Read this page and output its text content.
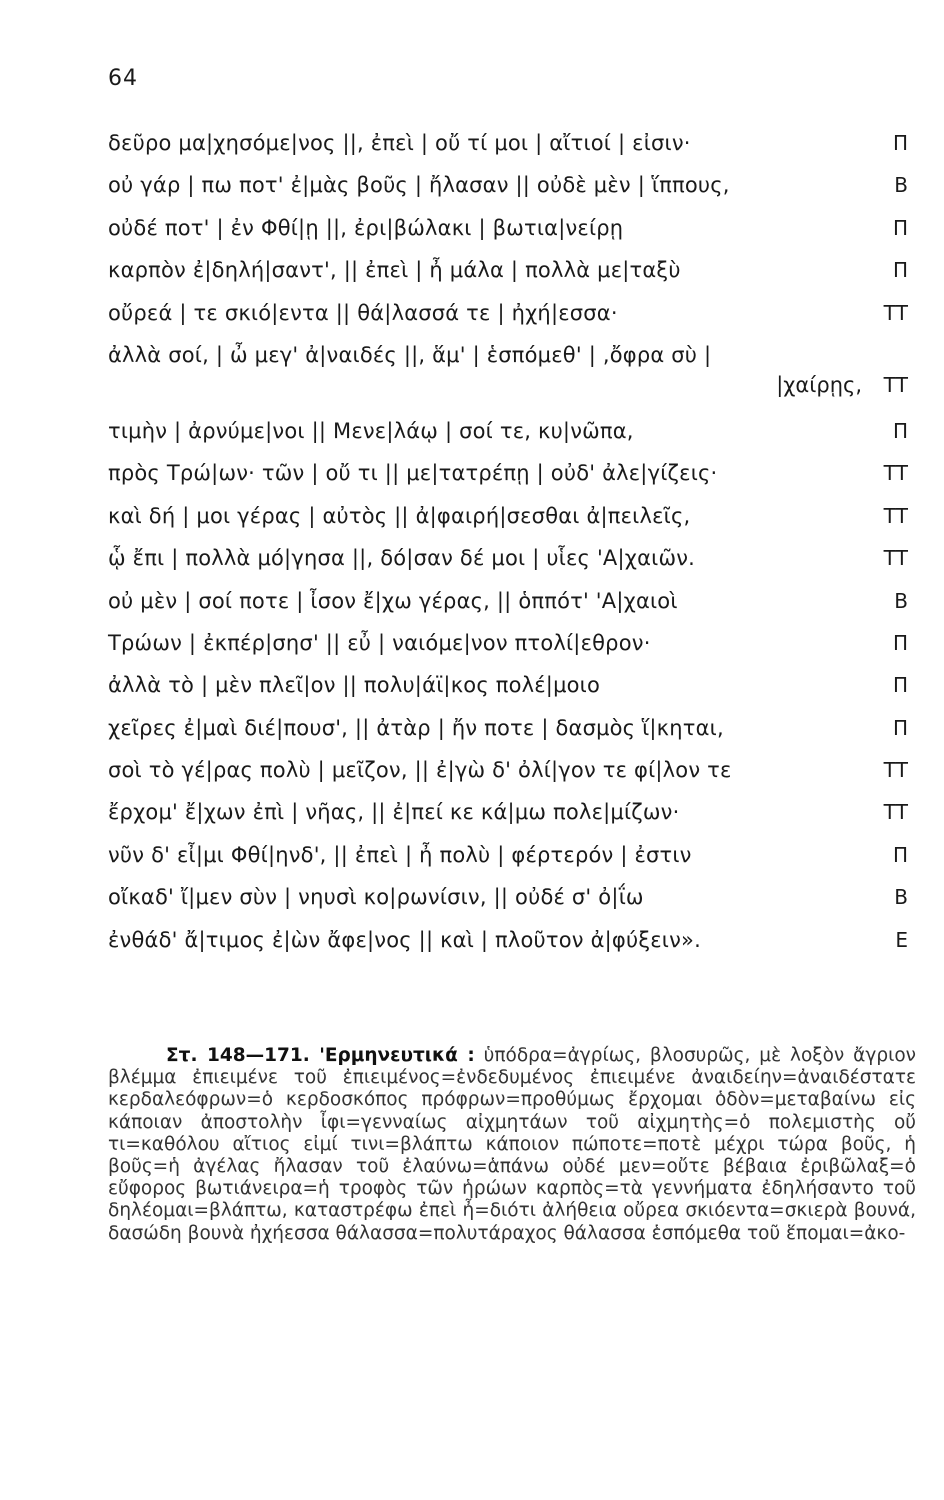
64
δεῦρο μα|χησόμε|νος ||, ἐπεὶ | οὔ τί μοι | αἴτιοί | εἰσιν·	Π
οὐ γάρ | πω ποτ' ἐ|μὰς βοῦς | ἤλασαν || οὐδὲ μὲν | ἵππους,	Β
οὐδέ ποτ' | ἐν Φθί|ῃ ||, ἐρι|βώλακι | βωτια|νείρῃ	Π
καρπὸν ἐ|δηλή|σαντ', || ἐπεὶ | ἦ μάλα | πολλὰ με|ταξὺ	Π
οὔρεά | τε σκιό|εντα || θά|λασσά τε | ἠχή|εσσα·	ΤΤ
ἀλλὰ σοί, | ὦ μεγ' ἀ|ναιδές ||, ἅμ' | ἑσπόμεθ' | ,ὄφρα σὺ |
|χαίρῃς,	ΤΤ
τιμὴν | ἀρνύμε|νοι || Μενε|λάῳ | σοί τε, κυ|νῶπα,	Π
πρὸς Τρώ|ων· τῶν | οὔ τι || με|τατρέπῃ | οὐδ' ἀλε|γίζεις·	ΤΤ
καὶ δή | μοι γέρας | αὐτὸς || ἀ|φαιρή|σεσθαι ἀ|πειλεῖς,	ΤΤ
ᾧ ἔπι | πολλὰ μό|γησα ||, δό|σαν δέ μοι | υἷες 'Α|χαιῶν.	ΤΤ
οὐ μὲν | σοί ποτε | ἶσον ἔ|χω γέρας, || ὁππότ' 'Α|χαιοὶ	Β
Τρώων | ἐκπέρ|σησ' || εὖ | ναιόμε|νον πτολί|εθρον·	Π
ἀλλὰ τὸ | μὲν πλεῖ|ον || πολυ|άϊ|κος πολέ|μοιο	Π
χεῖρες ἐ|μαὶ διέ|πουσ', || ἀτὰρ | ἤν ποτε | δασμὸς ἵ|κηται,	Π
σοὶ τὸ γέ|ρας πολὺ | μεῖζον, || ἐ|γὼ δ' ὀλί|γον τε φί|λον τε	ΤΤ
ἔρχομ' ἔ|χων ἐπὶ | νῆας, || ἐ|πεί κε κά|μω πολε|μίζων·	ΤΤ
νῦν δ' εἶ|μι Φθί|ηνδ', || ἐπεὶ | ἦ πολὺ | φέρτερόν | ἐστιν	Π
οἴκαδ' ἴ|μεν σὺν | νηυσὶ κο|ρωνίσιν, || οὐδέ σ' ὀ|ΐω	Β
ἐνθάδ' ἄ|τιμος ἐ|ὼν ἄφε|νος || καὶ | πλοῦτον ἀ|φύξειν».	Ε

Στ. 148—171. 'Ερμηνευτικά : ὑπόδρα=ἀγρίως, βλοσυρῶς, μὲ λοξὸν ἄγριον βλέμμα ἐπιειμένε τοῦ ἐπιειμένος=ἐνδεδυμένος ἐπιειμένε ἀναιδείην=ἀναιδέστατε κερδαλεόφρων=ὁ κερδοσκόπος πρόφρων=προθύμως ἔρχομαι ὁδὸν=μεταβαίνω εἰς κάποιαν ἀποστολὴν ἶφι=γενναίως αἰχμητάων τοῦ αἰχμητὴς=ὁ πολεμιστὴς οὔ τι=καθόλου αἴτιος εἰμί τινι=βλάπτω κάποιον πώποτε=ποτὲ μέχρι τώρα βοῦς, ἡ βοῦς=ἡ ἀγέλας ἤλασαν τοῦ ἐλαύνω=ἁπάνω οὐδέ μεν=οὔτε βέβαια ἐριβῶλαξ=ὁ εὔφορος βωτιάνειρα=ἡ τροφὸς τῶν ἡρώων καρπὸς=τὰ γεννήματα ἐδηλήσαντο τοῦ δηλέομαι=βλάπτω, καταστρέφω ἐπεὶ ἦ=διότι ἀλήθεια οὔρεα σκιόεντα=σκιερὰ βουνά, δασώδη βουνὰ ἠχήεσσα θάλασσα=πολυτάραχος θάλασσα ἑσπόμεθα τοῦ ἕπομαι=ἀκο-
